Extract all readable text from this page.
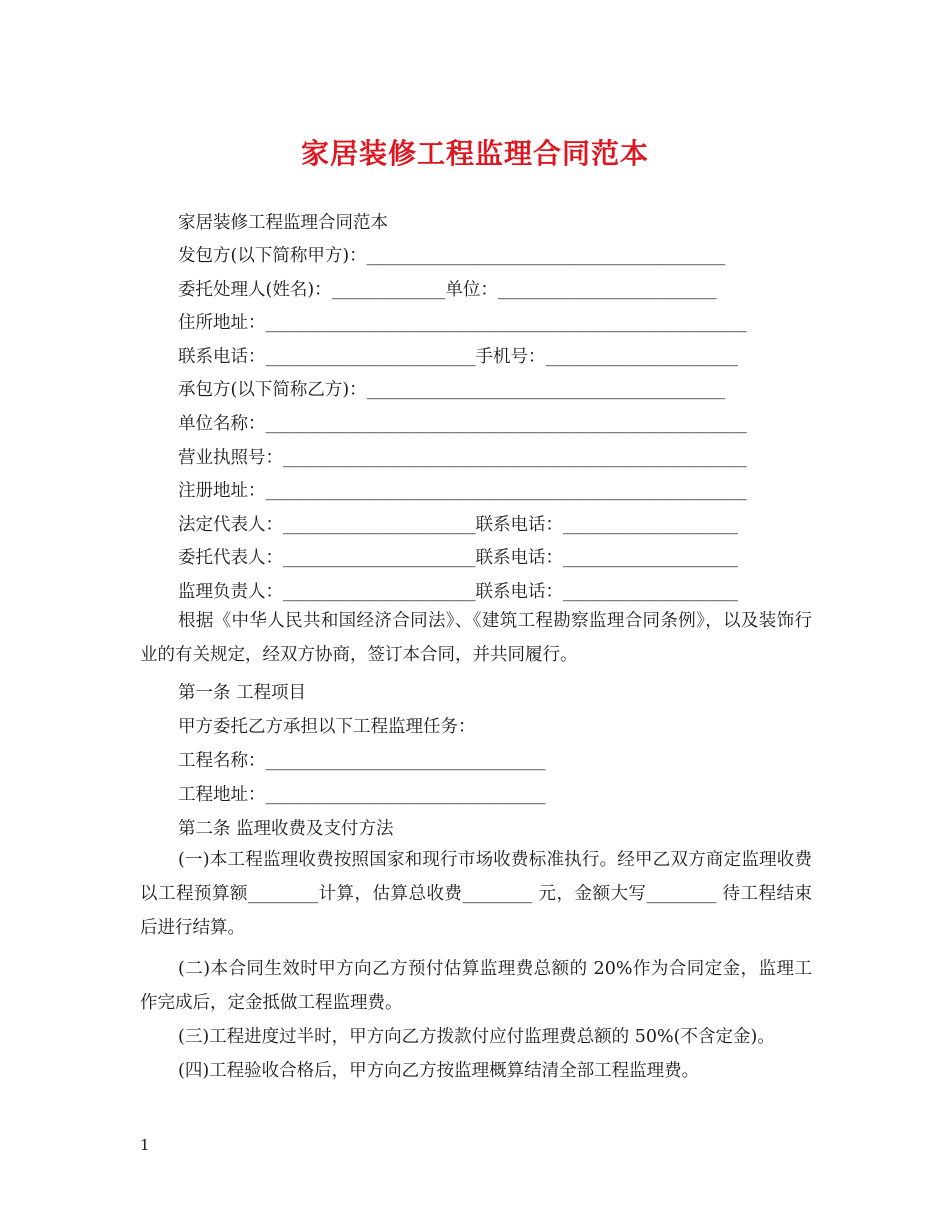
家居装修工程监理合同范本
家居装修工程监理合同范本
发包方(以下简称甲方)：_________________________________________
委托处理人(姓名)：_____________单位：_________________________
住所地址：_______________________________________________________
联系电话：________________________手机号：______________________
承包方(以下简称乙方)：_________________________________________
单位名称：_______________________________________________________
营业执照号：_____________________________________________________
注册地址：_______________________________________________________
法定代表人：______________________联系电话：____________________
委托代表人：______________________联系电话：____________________
监理负责人：______________________联系电话：____________________
根据《中华人民共和国经济合同法》、《建筑工程勘察监理合同条例》，以及装饰行业的有关规定，经双方协商，签订本合同，并共同履行。
第一条 工程项目
甲方委托乙方承担以下工程监理任务：
工程名称：________________________________
工程地址：________________________________
第二条 监理收费及支付方法
(一)本工程监理收费按照国家和现行市场收费标准执行。经甲乙双方商定监理收费以工程预算额________计算，估算总收费________ 元，金额大写________ 待工程结束后进行结算。
(二)本合同生效时甲方向乙方预付估算监理费总额的 20%作为合同定金，监理工作完成后，定金抵做工程监理费。
(三)工程进度过半时，甲方向乙方拨款付应付监理费总额的 50%(不含定金)。
(四)工程验收合格后，甲方向乙方按监理概算结清全部工程监理费。
1
